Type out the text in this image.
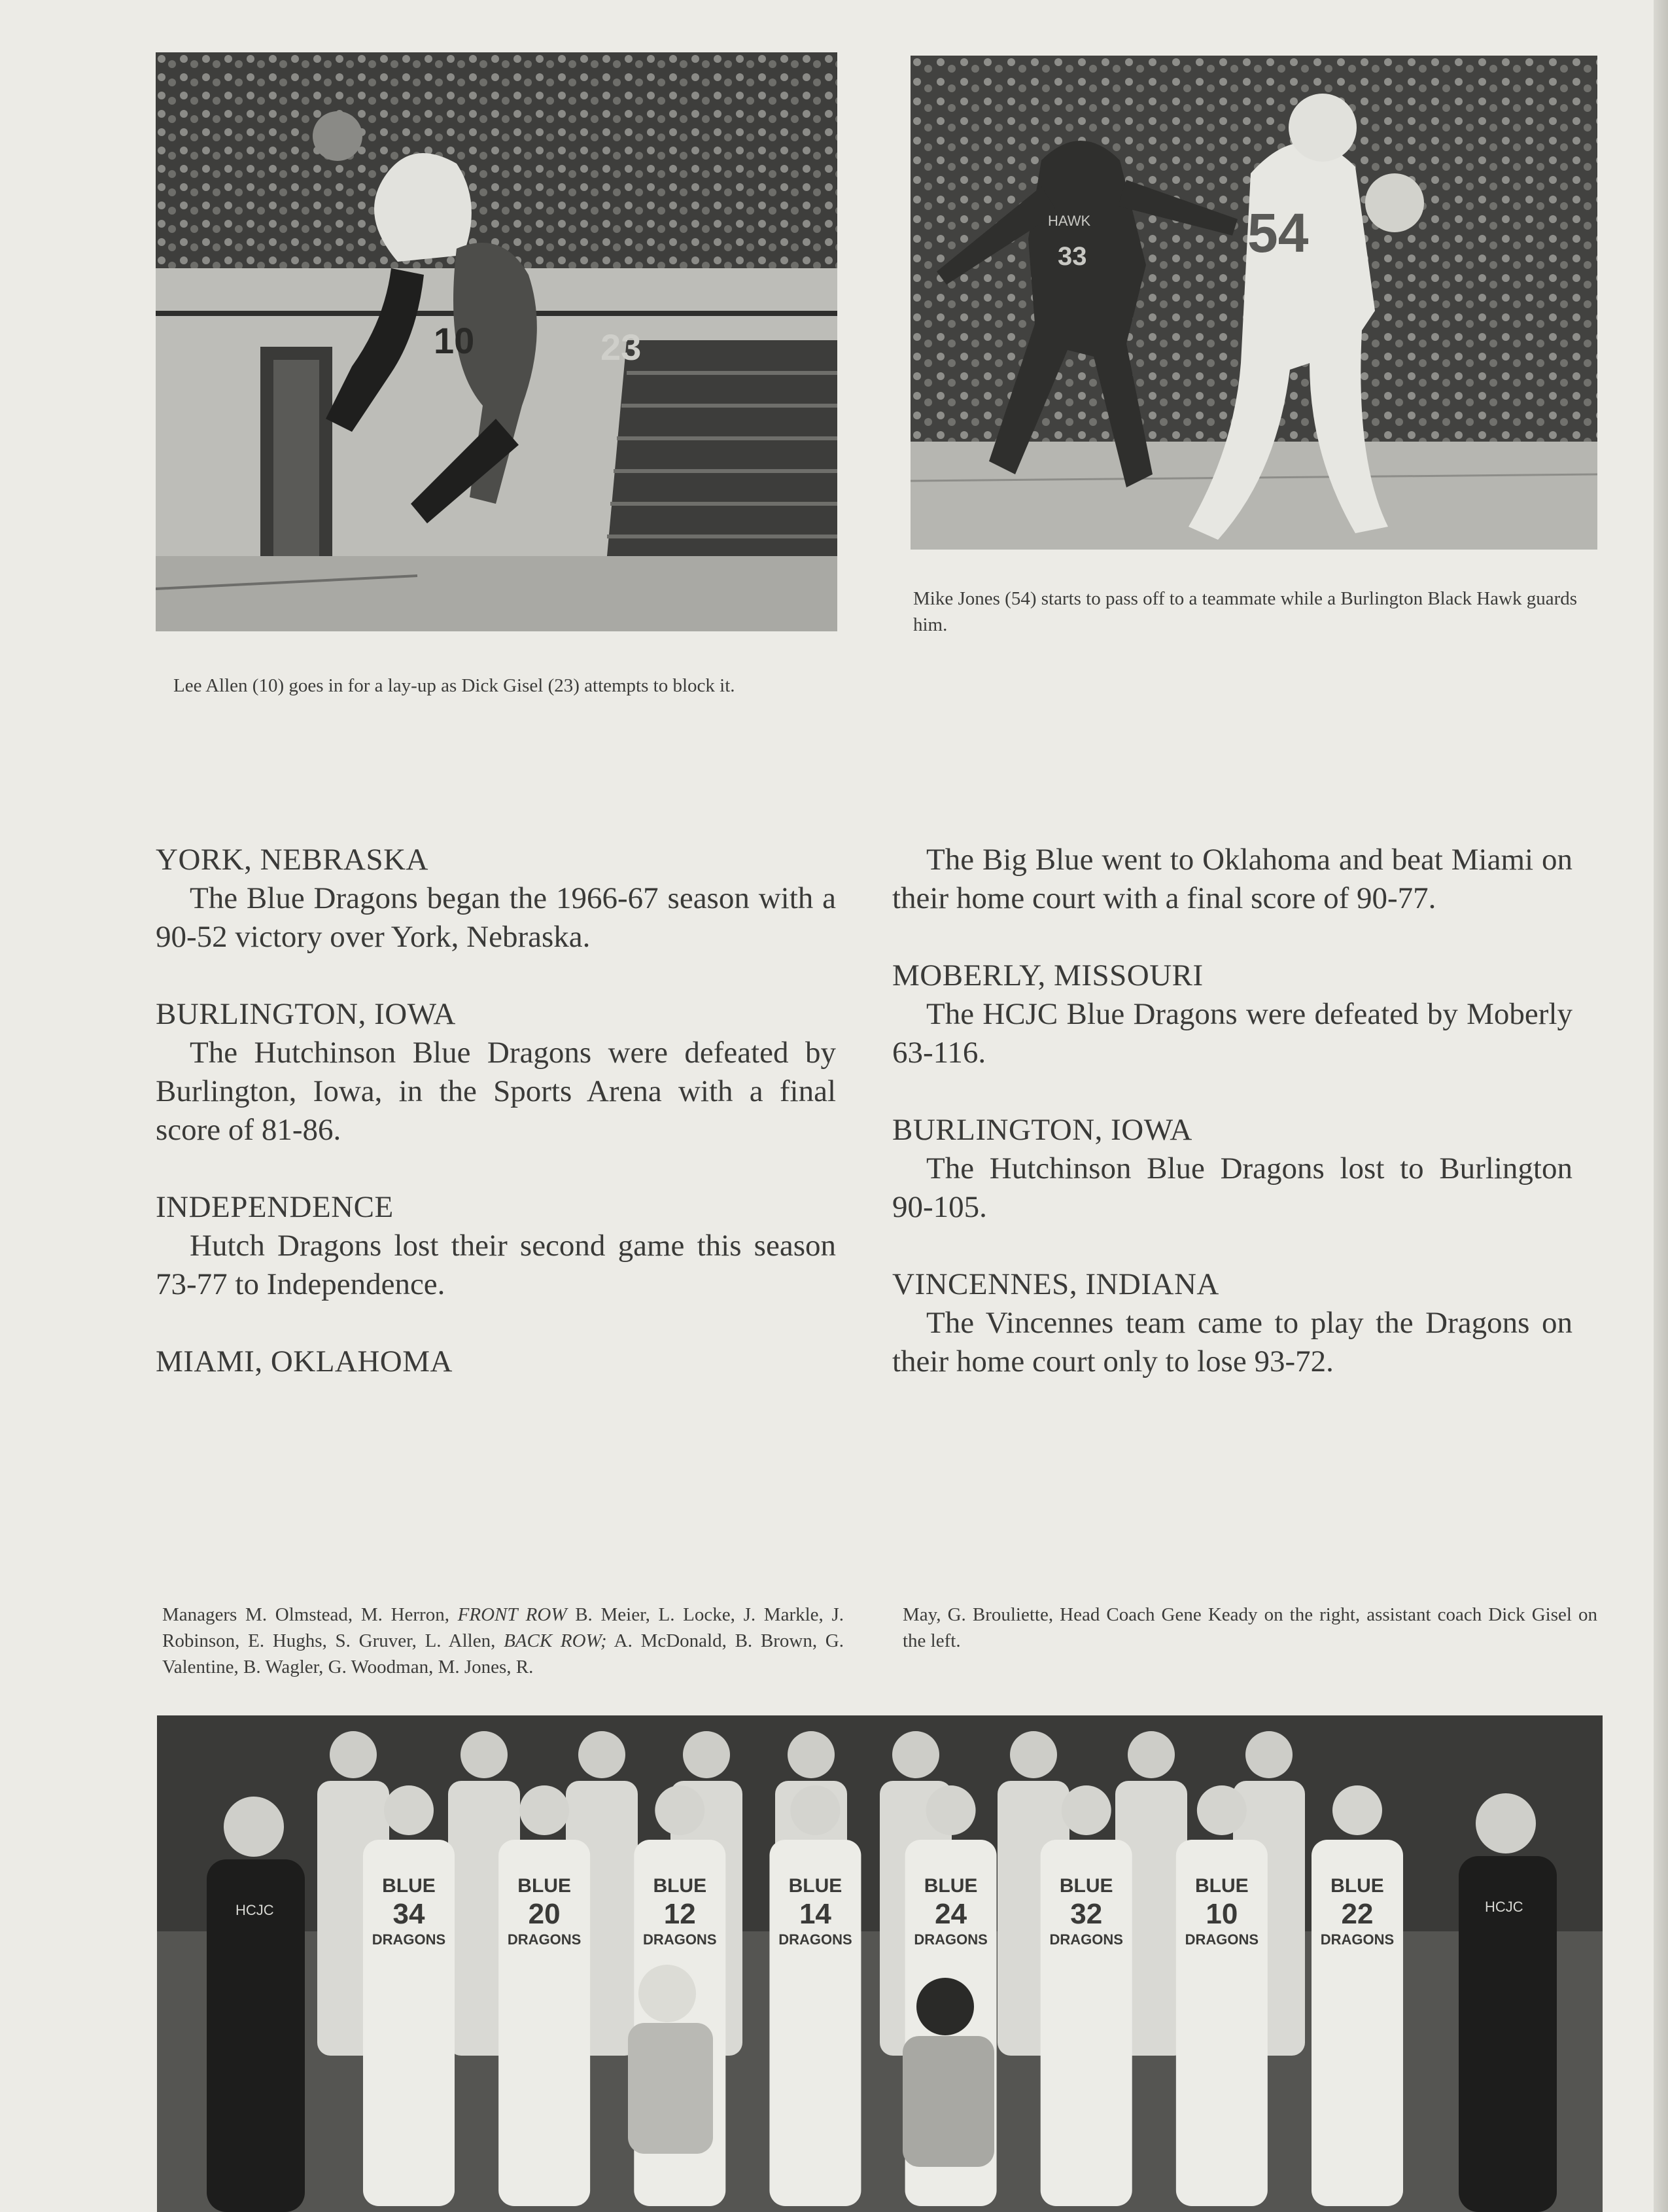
10	23
33
HAWK	54

Mike Jones (54) starts to pass off to a teammate while a Burlington Black Hawk guards him.

Lee Allen (10) goes in for a lay-up as Dick Gisel (23) attempts to block it.

YORK, NEBRASKA
The Blue Dragons began the 1966-67 season with a 90-52 victory over York, Nebraska.
BURLINGTON, IOWA
The Hutchinson Blue Dragons were defeated by Burlington, Iowa, in the Sports Arena with a final score of 81-86.
INDEPENDENCE
Hutch Dragons lost their second game this season 73-77 to Independence.
MIAMI, OKLAHOMA
The Big Blue went to Oklahoma and beat Miami on their home court with a final score of 90-77.
MOBERLY, MISSOURI
The HCJC Blue Dragons were defeated by Moberly 63-116.
BURLINGTON, IOWA
The Hutchinson Blue Dragons lost to Burlington 90-105.
VINCENNES, INDIANA
The Vincennes team came to play the Dragons on their home court only to lose 93-72.

Managers M. Olmstead, M. Herron, FRONT ROW B. Meier, L. Locke, J. Markle, J. Robinson, E. Hughs, S. Gruver, L. Allen, BACK ROW; A. McDonald, B. Brown, G. Valentine, B. Wagler, G. Woodman, M. Jones, R.

May, G. Brouliette, Head Coach Gene Keady on the right, assistant coach Dick Gisel on the left.

BLUE
34
DRAGONS
BLUE
20
DRAGONS
BLUE
12
DRAGONS
BLUE
14
DRAGONS
BLUE
24
DRAGONS
BLUE
32
DRAGONS
BLUE
10
DRAGONS
BLUE
22
DRAGONS
HCJC
HCJC
